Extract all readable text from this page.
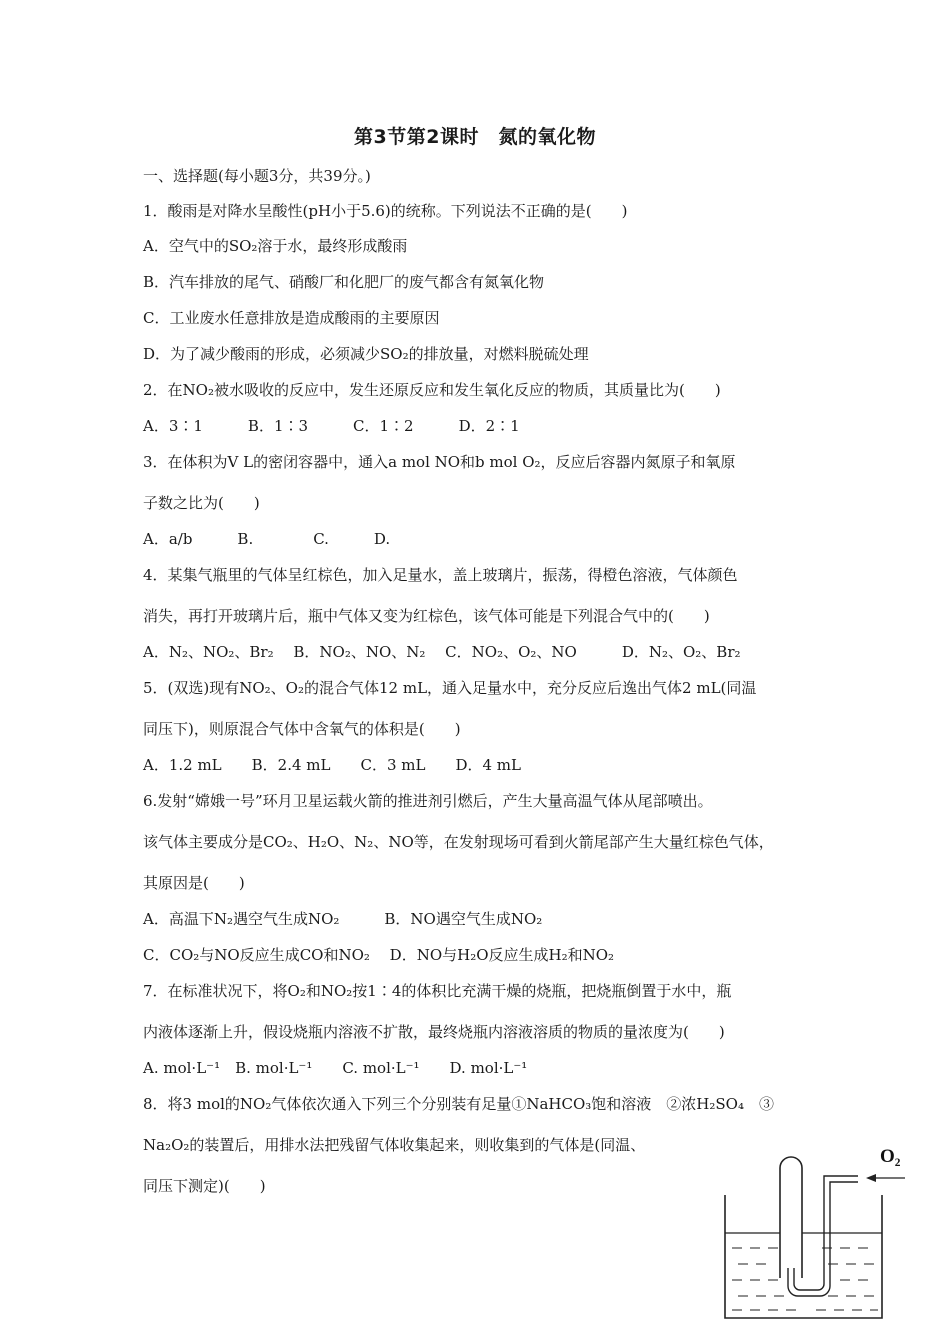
第3节第2课时　氮的氧化物
一、选择题(每小题3分，共39分。)
1．酸雨是对降水呈酸性(pH小于5.6)的统称。下列说法不正确的是(　　)
A．空气中的SO₂溶于水，最终形成酸雨
B．汽车排放的尾气、硝酸厂和化肥厂的废气都含有氮氧化物
C．工业废水任意排放是造成酸雨的主要原因
D．为了减少酸雨的形成，必须减少SO₂的排放量，对燃料脱硫处理
2．在NO₂被水吸收的反应中，发生还原反应和发生氧化反应的物质，其质量比为(　　)
A．3∶1　　　B．1∶3　　　C．1∶2　　　D．2∶1
3．在体积为V L的密闭容器中，通入a mol NO和b mol O₂，反应后容器内氮原子和氧原
子数之比为(　　)
A．a/b　　　B.　　　　C.　　　D.
4．某集气瓶里的气体呈红棕色，加入足量水，盖上玻璃片，振荡，得橙色溶液，气体颜色
消失，再打开玻璃片后，瓶中气体又变为红棕色，该气体可能是下列混合气中的(　　)
A．N₂、NO₂、Br₂　 B．NO₂、NO、N₂　 C．NO₂、O₂、NO　　　D．N₂、O₂、Br₂
5．(双选)现有NO₂、O₂的混合气体12 mL，通入足量水中，充分反应后逸出气体2 mL(同温
同压下)，则原混合气体中含氧气的体积是(　　)
A．1.2 mL　　B．2.4 mL　　C．3 mL　　D．4 mL
6.发射“嫦娥一号”环月卫星运载火箭的推进剂引燃后，产生大量高温气体从尾部喷出。
该气体主要成分是CO₂、H₂O、N₂、NO等，在发射现场可看到火箭尾部产生大量红棕色气体，
其原因是(　　)
A．高温下N₂遇空气生成NO₂　　　B．NO遇空气生成NO₂
C．CO₂与NO反应生成CO和NO₂　 D．NO与H₂O反应生成H₂和NO₂
7．在标准状况下，将O₂和NO₂按1∶4的体积比充满干燥的烧瓶，把烧瓶倒置于水中，瓶
内液体逐渐上升，假设烧瓶内溶液不扩散，最终烧瓶内溶液溶质的物质的量浓度为(　　)
A. mol·L⁻¹　B. mol·L⁻¹　　C. mol·L⁻¹　　D. mol·L⁻¹
8．将3 mol的NO₂气体依次通入下列三个分别装有足量①NaHCO₃饱和溶液　②浓H₂SO₄　③
Na₂O₂的装置后，用排水法把残留气体收集起来，则收集到的气体是(同温、
同压下测定)(　　)
O₂
